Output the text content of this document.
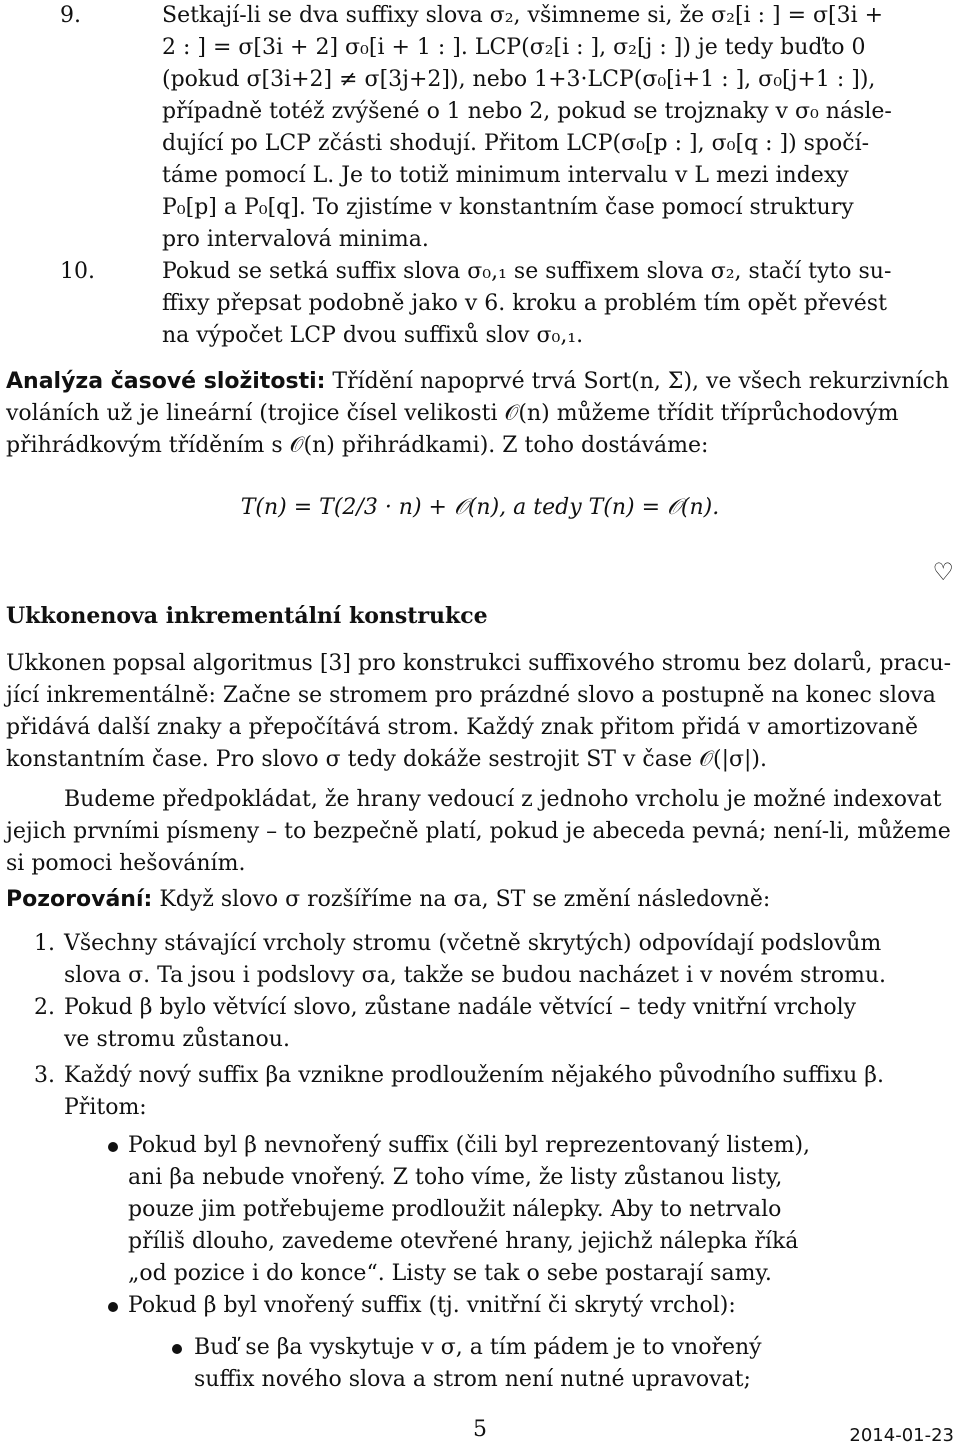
9.	Setkají-li se dva suffixy slova σ₂, všimneme si, že σ₂[i : ] = σ[3i +
2 : ] = σ[3i + 2] σ₀[i + 1 : ]. LCP(σ₂[i : ], σ₂[j : ]) je tedy buďto 0
(pokud σ[3i+2] ≠ σ[3j+2]), nebo 1+3·LCP(σ₀[i+1 : ], σ₀[j+1 : ]),
případně totéž zvýšené o 1 nebo 2, pokud se trojznaky v σ₀ násle-
dující po LCP zčásti shodují. Přitom LCP(σ₀[p : ], σ₀[q : ]) spočí-
táme pomocí L. Je to totiž minimum intervalu v L mezi indexy
P₀[p] a P₀[q]. To zjistíme v konstantním čase pomocí struktury
pro intervalová minima.
10.	Pokud se setká suffix slova σ₀,₁ se suffixem slova σ₂, stačí tyto su-
ffixy přepsat podobně jako v 6. kroku a problém tím opět převést
na výpočet LCP dvou suffixů slov σ₀,₁.
Analýza časové složitosti: Třídění napoprvé trvá Sort(n, Σ), ve všech rekurzivních
voláních už je lineární (trojice čísel velikosti 𝒪(n) můžeme třídit tříprůchodovým
přihrádkovým tříděním s 𝒪(n) přihrádkami). Z toho dostáváme:
T(n) = T(2/3 · n) + 𝒪(n), a tedy T(n) = 𝒪(n).
♡
Ukkonenova inkrementální konstrukce
Ukkonen popsal algoritmus [3] pro konstrukci suffixového stromu bez dolarů, pracu-
jící inkrementálně: Začne se stromem pro prázdné slovo a postupně na konec slova
přidává další znaky a přepočítává strom. Každý znak přitom přidá v amortizovaně
konstantním čase. Pro slovo σ tedy dokáže sestrojit ST v čase 𝒪(|σ|).
Budeme předpokládat, že hrany vedoucí z jednoho vrcholu je možné indexovat
jejich prvními písmeny – to bezpečně platí, pokud je abeceda pevná; není-li, můžeme
si pomoci hešováním.
Pozorování: Když slovo σ rozšíříme na σa, ST se změní následovně:
1. Všechny stávající vrcholy stromu (včetně skrytých) odpovídají podslovům
slova σ. Ta jsou i podslovy σa, takže se budou nacházet i v novém stromu.
2. Pokud β bylo větvící slovo, zůstane nadále větvící – tedy vnitřní vrcholy
ve stromu zůstanou.
3. Každý nový suffix βa vznikne prodloužením nějakého původního suffixu β.
Přitom:
Pokud byl β nevnořený suffix (čili byl reprezentovaný listem),
ani βa nebude vnořený. Z toho víme, že listy zůstanou listy,
pouze jim potřebujeme prodloužit nálepky. Aby to netrvalo
příliš dlouho, zavedeme otevřené hrany, jejichž nálepka říká
„od pozice i do konce“. Listy se tak o sebe postarají samy.
Pokud β byl vnořený suffix (tj. vnitřní či skrytý vrchol):
Buď se βa vyskytuje v σ, a tím pádem je to vnořený
suffix nového slova a strom není nutné upravovat;
5	2014-01-23
